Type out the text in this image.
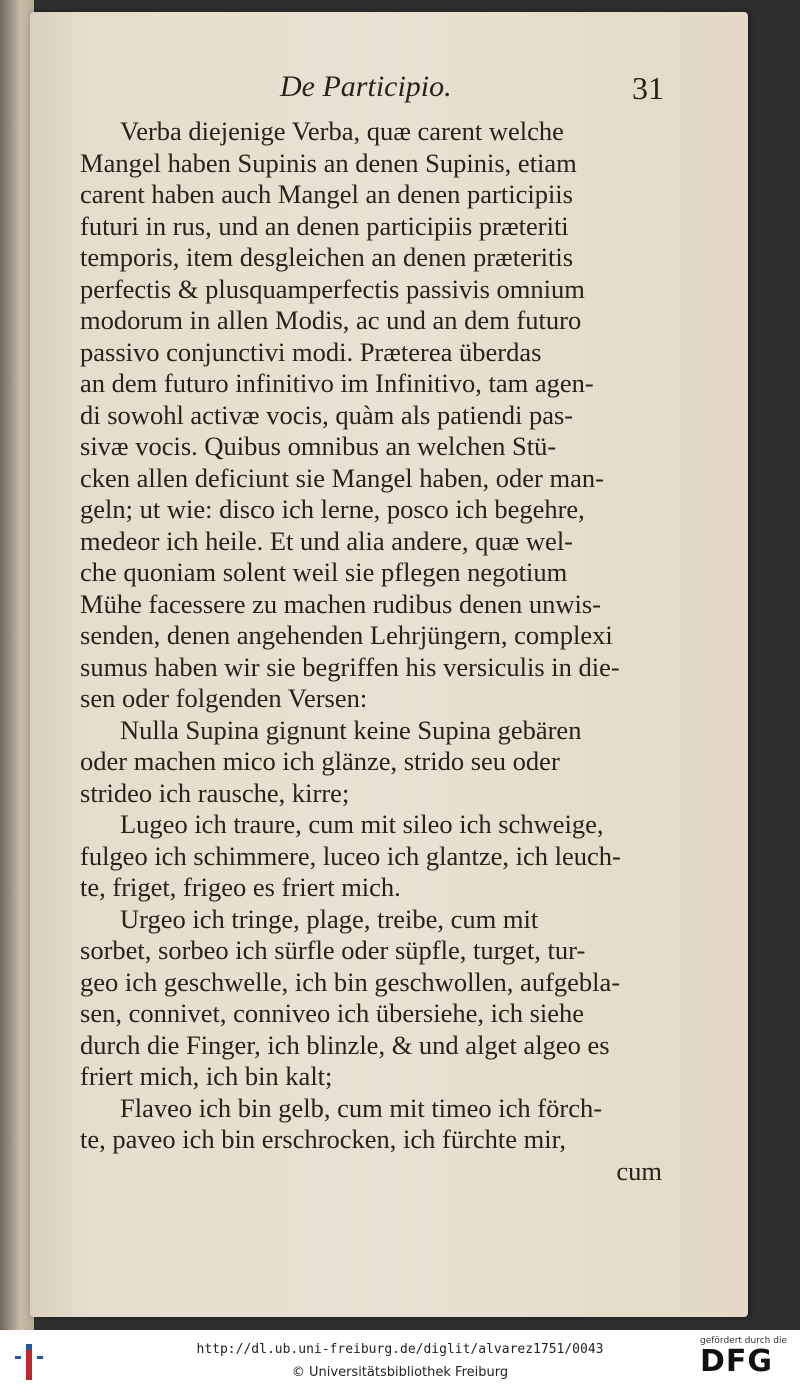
De Participio.	31
Verba diejenige Verba, quæ carent welche
Mangel haben Supinis an denen Supinis, etiam
carent haben auch Mangel an denen participiis
futuri in rus, und an denen participiis præteriti
temporis, item desgleichen an denen præteritis
perfectis & plusquamperfectis passivis omnium
modorum in allen Modis, ac und an dem futuro
passivo conjunctivi modi. Præterea überdas
an dem futuro infinitivo im Infinitivo, tam agen-
di sowohl activæ vocis, quàm als patiendi pas-
sivæ vocis. Quibus omnibus an welchen Stü-
cken allen deficiunt sie Mangel haben, oder man-
geln; ut wie: disco ich lerne, posco ich begehre,
medeor ich heile. Et und alia andere, quæ wel-
che quoniam solent weil sie pflegen negotium
Mühe facessere zu machen rudibus denen unwis-
senden, denen angehenden Lehrjüngern, complexi
sumus haben wir sie begriffen his versiculis in die-
sen oder folgenden Versen:
Nulla Supina gignunt keine Supina gebären
oder machen mico ich glänze, strido seu oder
strideo ich rausche, kirre;
Lugeo ich traure, cum mit sileo ich schweige,
fulgeo ich schimmere, luceo ich glantze, ich leuch-
te, friget, frigeo es friert mich.
Urgeo ich tringe, plage, treibe, cum mit
sorbet, sorbeo ich sürfle oder süpfle, turget, tur-
geo ich geschwelle, ich bin geschwollen, aufgebla-
sen, connivet, conniveo ich übersiehe, ich siehe
durch die Finger, ich blinzle, & und alget algeo es
friert mich, ich bin kalt;
Flaveo ich bin gelb, cum mit timeo ich förch-
te, paveo ich bin erschrocken, ich fürchte mir,
cum
http://dl.ub.uni-freiburg.de/diglit/alvarez1751/0043
© Universitätsbibliothek Freiburg
gefördert durch die
DFG
